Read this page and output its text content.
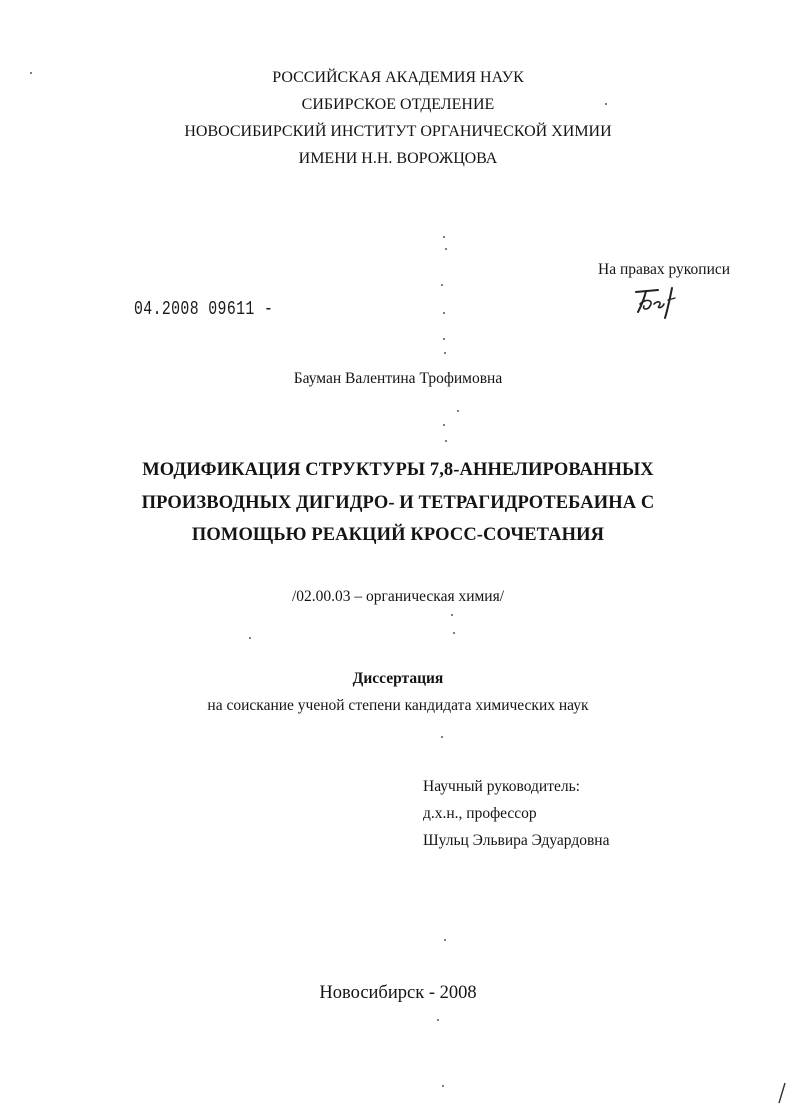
РОССИЙСКАЯ АКАДЕМИЯ НАУК
СИБИРСКОЕ ОТДЕЛЕНИЕ
НОВОСИБИРСКИЙ ИНСТИТУТ ОРГАНИЧЕСКОЙ ХИМИИ
ИМЕНИ Н.Н. ВОРОЖЦОВА
На правах рукописи
04.2008 09611 ‐
Бауман Валентина Трофимовна
МОДИФИКАЦИЯ СТРУКТУРЫ 7,8-АННЕЛИРОВАННЫХ
ПРОИЗВОДНЫХ ДИГИДРО- И ТЕТРАГИДРОТЕБАИНА С
ПОМОЩЬЮ РЕАКЦИЙ КРОСС-СОЧЕТАНИЯ
/02.00.03 – органическая химия/
Диссертация
на соискание ученой степени кандидата химических наук
Научный руководитель:
д.х.н., профессор
Шульц Эльвира Эдуардовна
Новосибирск - 2008
